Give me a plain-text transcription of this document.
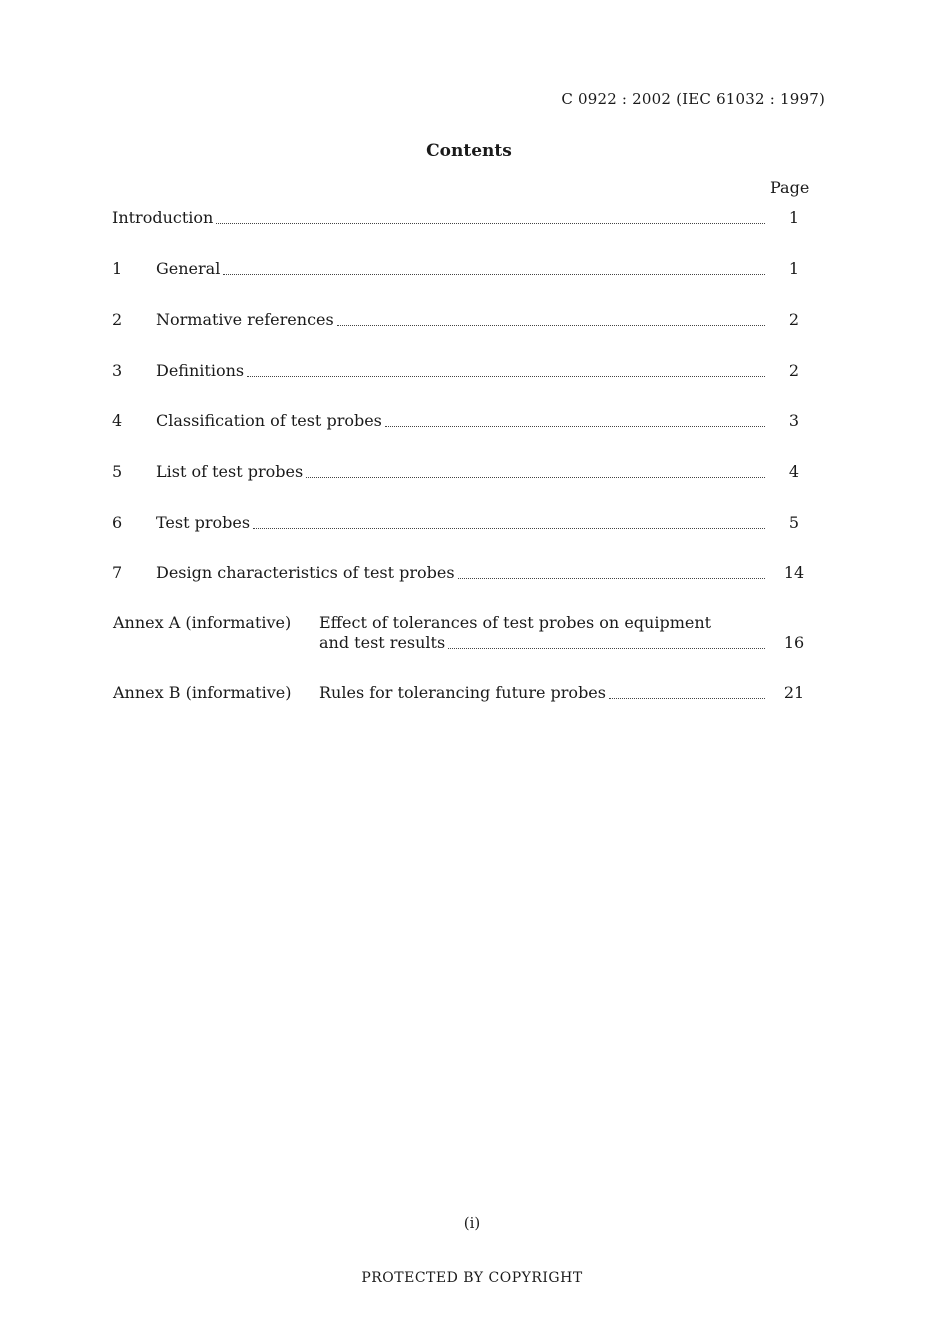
C 0922 : 2002 (IEC 61032 : 1997)
Contents
Page
Introduction	1
1 General	1
2 Normative references	2
3 Definitions	2
4 Classification of test probes	3
5 List of test probes	4
6 Test probes	5
7 Design characteristics of test probes	14
Annex A (informative) Effect of tolerances of test probes on equipment
and test results	16
Annex B (informative) Rules for tolerancing future probes	21
(i)
PROTECTED BY COPYRIGHT
